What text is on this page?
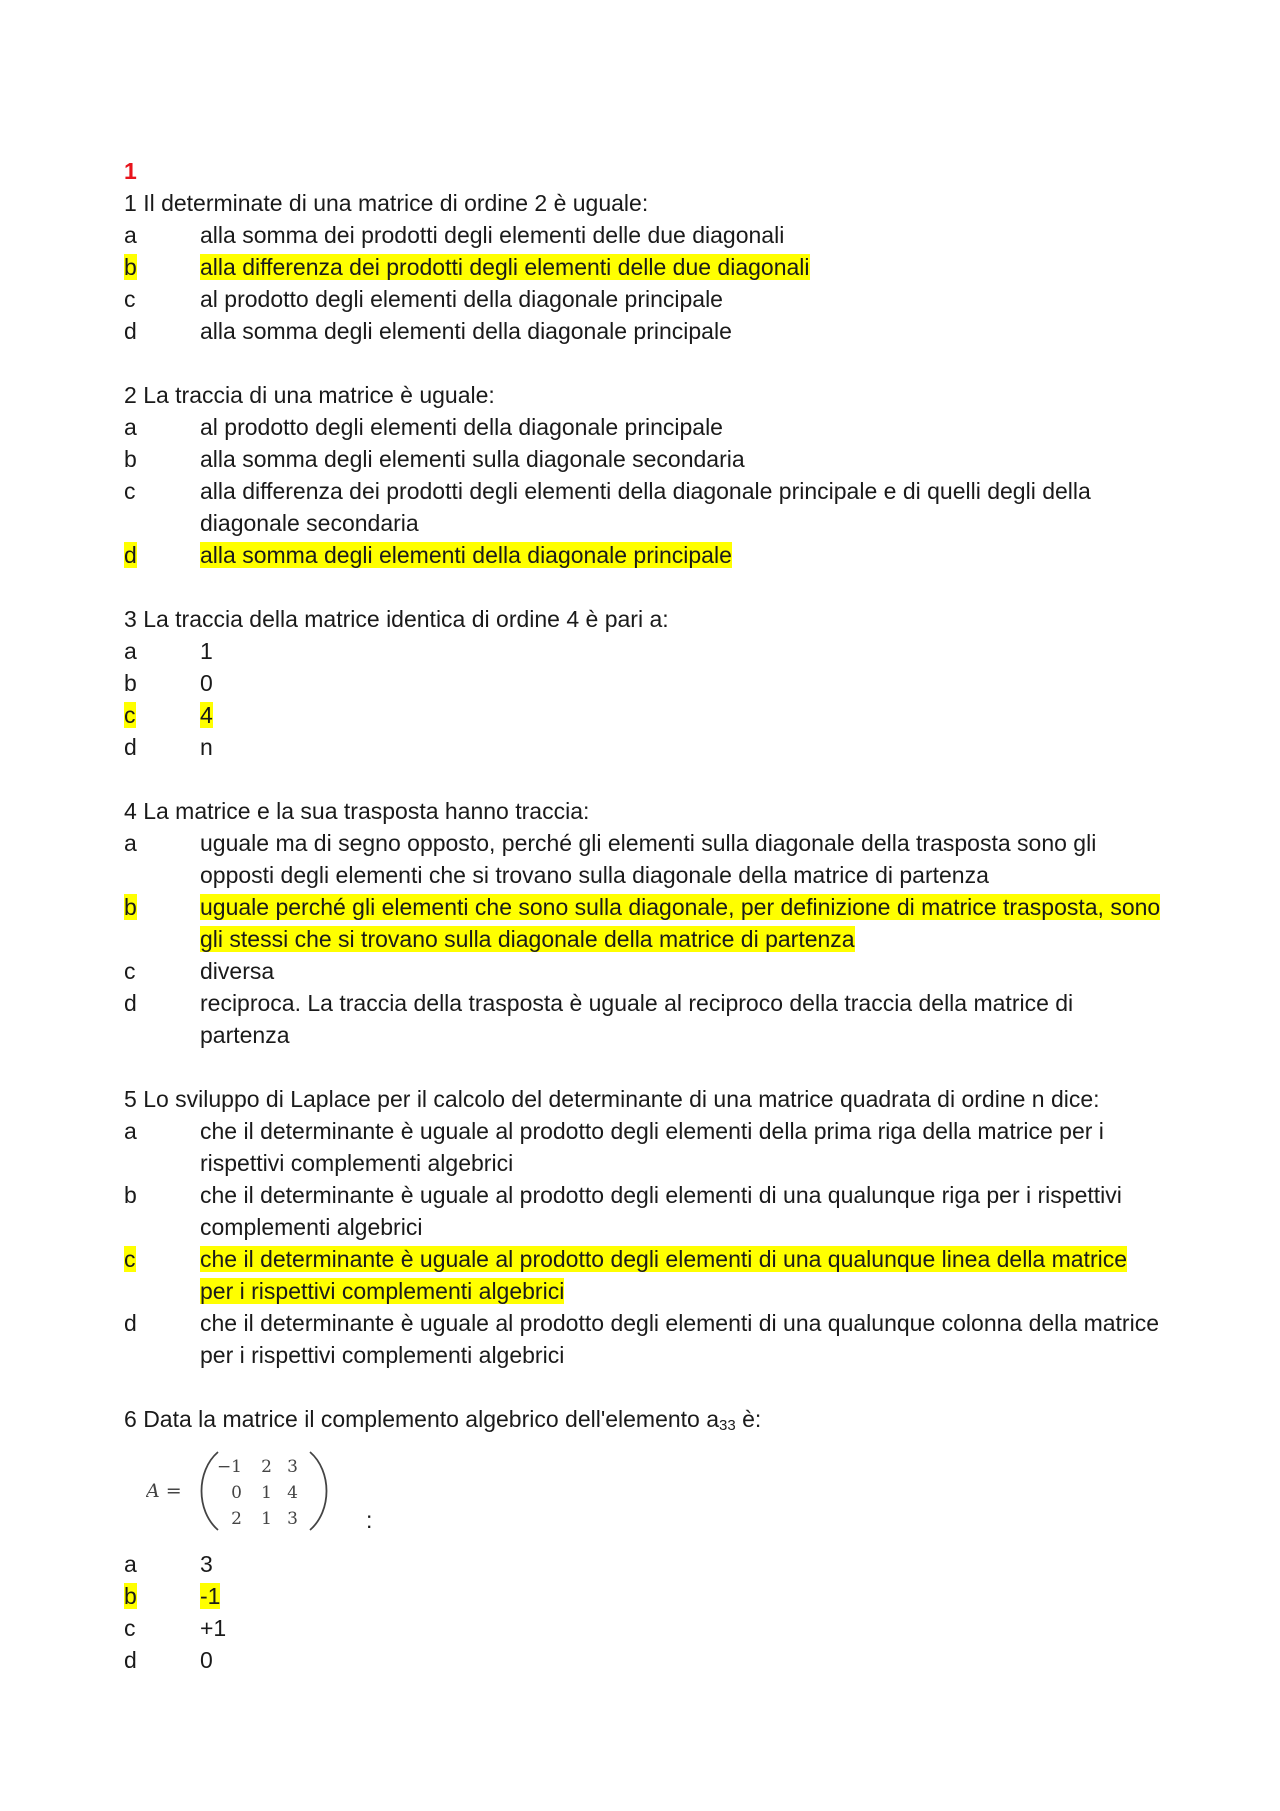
1
1 Il determinate di una matrice di ordine 2 è uguale:
a	alla somma dei prodotti degli elementi delle due diagonali
b	alla differenza dei prodotti degli elementi delle due diagonali
c	al prodotto degli elementi della diagonale principale
d	alla somma degli elementi della diagonale principale
2 La traccia di una matrice è uguale:
a	al prodotto degli elementi della diagonale principale
b	alla somma degli elementi sulla diagonale secondaria
c	alla differenza dei prodotti degli elementi della diagonale principale e di quelli degli della diagonale secondaria
d	alla somma degli elementi della diagonale principale
3 La traccia della matrice identica di ordine 4 è pari a:
a	1
b	0
c	4
d	n
4 La matrice e la sua trasposta hanno traccia:
a	uguale ma di segno opposto, perché gli elementi sulla diagonale della trasposta sono gli opposti degli elementi che si trovano sulla diagonale della matrice di partenza
b	uguale perché gli elementi che sono sulla diagonale, per definizione di matrice trasposta, sono gli stessi che si trovano sulla diagonale della matrice di partenza
c	diversa
d	reciproca. La traccia della trasposta è uguale al reciproco della traccia della matrice di partenza
5 Lo sviluppo di Laplace per il calcolo del determinante di una matrice quadrata di ordine n dice:
a	che il determinante è uguale al prodotto degli elementi della prima riga della matrice per i rispettivi complementi algebrici
b	che il determinante è uguale al prodotto degli elementi di una qualunque riga per i rispettivi complementi algebrici
c	che il determinante è uguale al prodotto degli elementi di una qualunque linea della matrice per i rispettivi complementi algebrici
d	che il determinante è uguale al prodotto degli elementi di una qualunque colonna della matrice per i rispettivi complementi algebrici
6 Data la matrice il complemento algebrico dell'elemento $a_{33}$ è:
A =
−1 2 3
0 1 4
2 1 3	:
a	3
b	-1
c	+1
d	0
